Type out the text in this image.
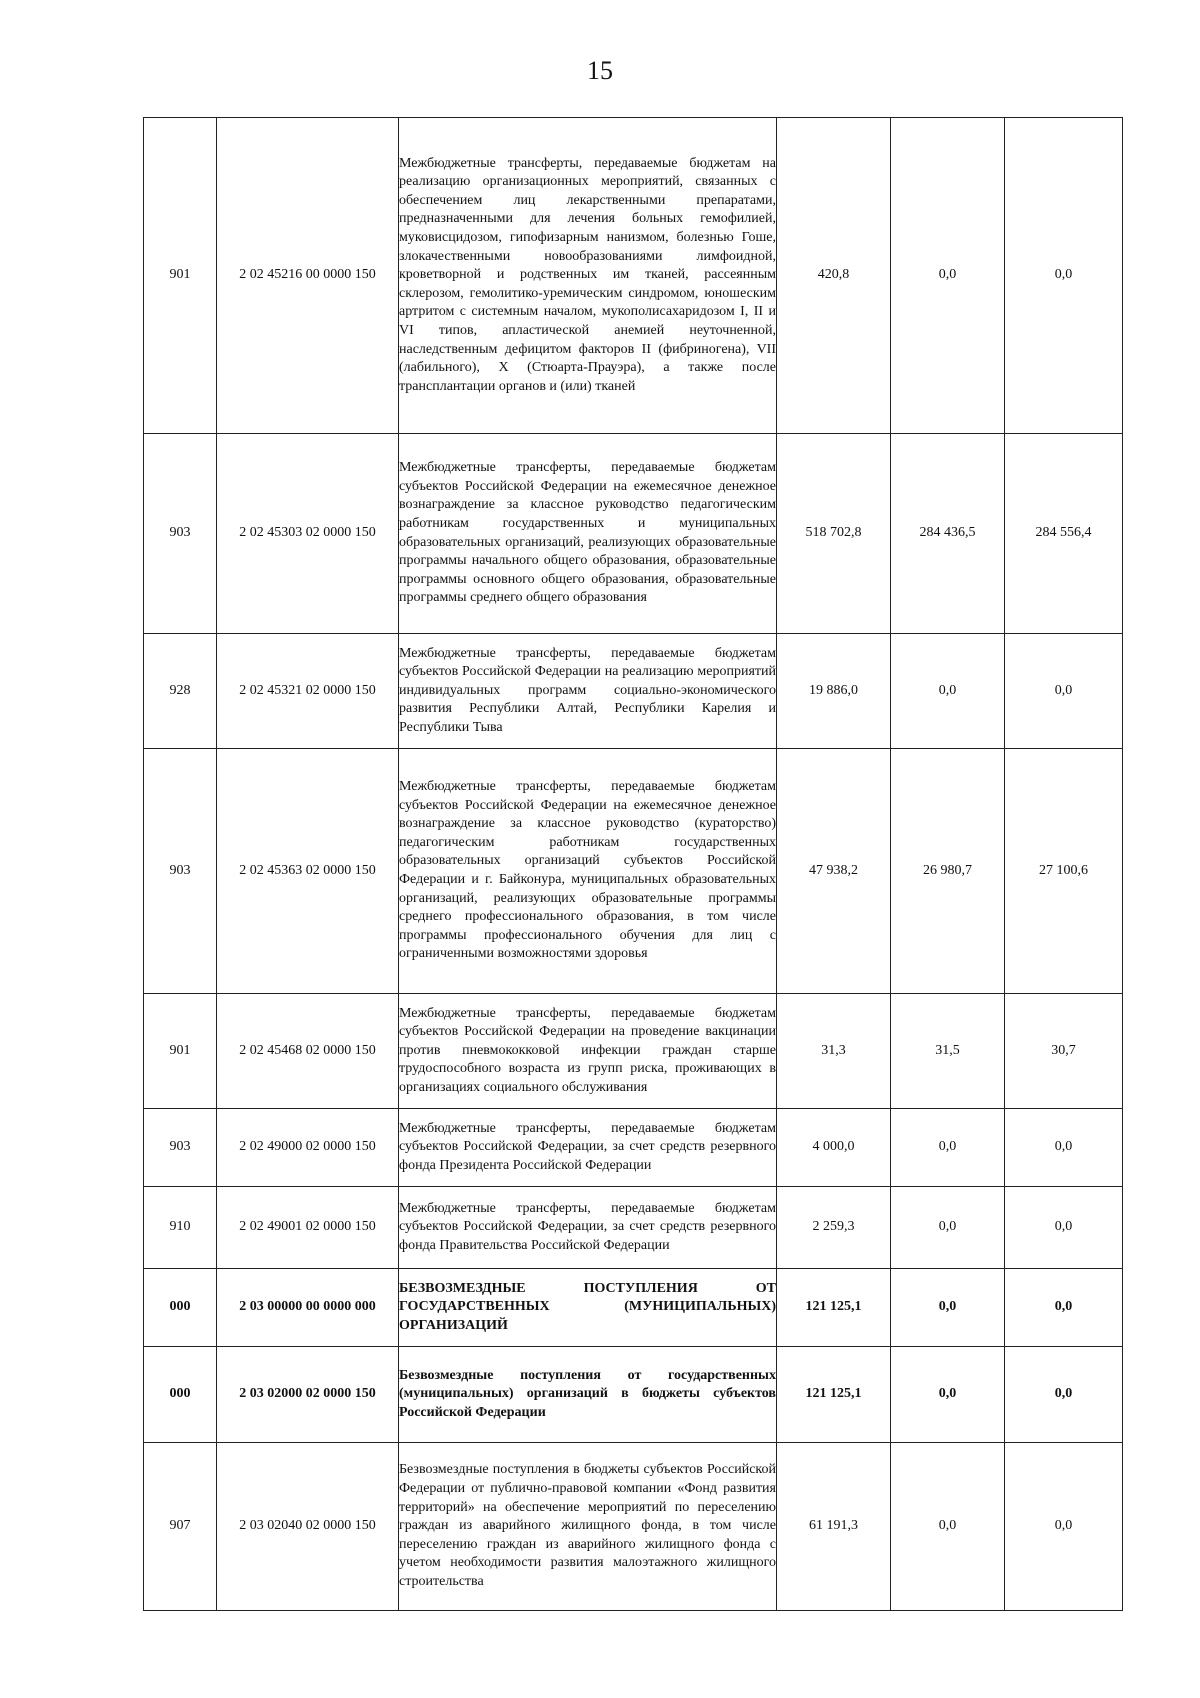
15
901	2 02 45216 00 0000 150	Межбюджетные трансферты, передаваемые бюджетам на реализацию организационных мероприятий, связанных с обеспечением лиц лекарственными препаратами, предназначенными для лечения больных гемофилией, муковисцидозом, гипофизарным нанизмом, болезнью Гоше, злокачественными новообразованиями лимфоидной, кроветворной и родственных им тканей, рассеянным склерозом, гемолитико-уремическим синдромом, юношеским артритом с системным началом, мукополисахаридозом I, II и VI типов, апластической анемией неуточненной, наследственным дефицитом факторов II (фибриногена), VII (лабильного), X (Стюарта-Прауэра), а также после трансплантации органов и (или) тканей	420,8	0,0	0,0
903	2 02 45303 02 0000 150	Межбюджетные трансферты, передаваемые бюджетам субъектов Российской Федерации на ежемесячное денежное вознаграждение за классное руководство педагогическим работникам государственных и муниципальных образовательных организаций, реализующих образовательные программы начального общего образования, образовательные программы основного общего образования, образовательные программы среднего общего образования	518 702,8	284 436,5	284 556,4
928	2 02 45321 02 0000 150	Межбюджетные трансферты, передаваемые бюджетам субъектов Российской Федерации на реализацию мероприятий индивидуальных программ социально-экономического развития Республики Алтай, Республики Карелия и Республики Тыва	19 886,0	0,0	0,0
903	2 02 45363 02 0000 150	Межбюджетные трансферты, передаваемые бюджетам субъектов Российской Федерации на ежемесячное денежное вознаграждение за классное руководство (кураторство) педагогическим работникам государственных образовательных организаций субъектов Российской Федерации и г. Байконура, муниципальных образовательных организаций, реализующих образовательные программы среднего профессионального образования, в том числе программы профессионального обучения для лиц с ограниченными возможностями здоровья	47 938,2	26 980,7	27 100,6
901	2 02 45468 02 0000 150	Межбюджетные трансферты, передаваемые бюджетам субъектов Российской Федерации на проведение вакцинации против пневмококковой инфекции граждан старше трудоспособного возраста из групп риска, проживающих в организациях социального обслуживания	31,3	31,5	30,7
903	2 02 49000 02 0000 150	Межбюджетные трансферты, передаваемые бюджетам субъектов Российской Федерации, за счет средств резервного фонда Президента Российской Федерации	4 000,0	0,0	0,0
910	2 02 49001 02 0000 150	Межбюджетные трансферты, передаваемые бюджетам субъектов Российской Федерации, за счет средств резервного фонда Правительства Российской Федерации	2 259,3	0,0	0,0
000	2 03 00000 00 0000 000	БЕЗВОЗМЕЗДНЫЕ ПОСТУПЛЕНИЯ ОТ ГОСУДАРСТВЕННЫХ (МУНИЦИПАЛЬНЫХ) ОРГАНИЗАЦИЙ	121 125,1	0,0	0,0
000	2 03 02000 02 0000 150	Безвозмездные поступления от государственных (муниципальных) организаций в бюджеты субъектов Российской Федерации	121 125,1	0,0	0,0
907	2 03 02040 02 0000 150	Безвозмездные поступления в бюджеты субъектов Российской Федерации от публично-правовой компании «Фонд развития территорий» на обеспечение мероприятий по переселению граждан из аварийного жилищного фонда, в том числе переселению граждан из аварийного жилищного фонда с учетом необходимости развития малоэтажного жилищного строительства	61 191,3	0,0	0,0
